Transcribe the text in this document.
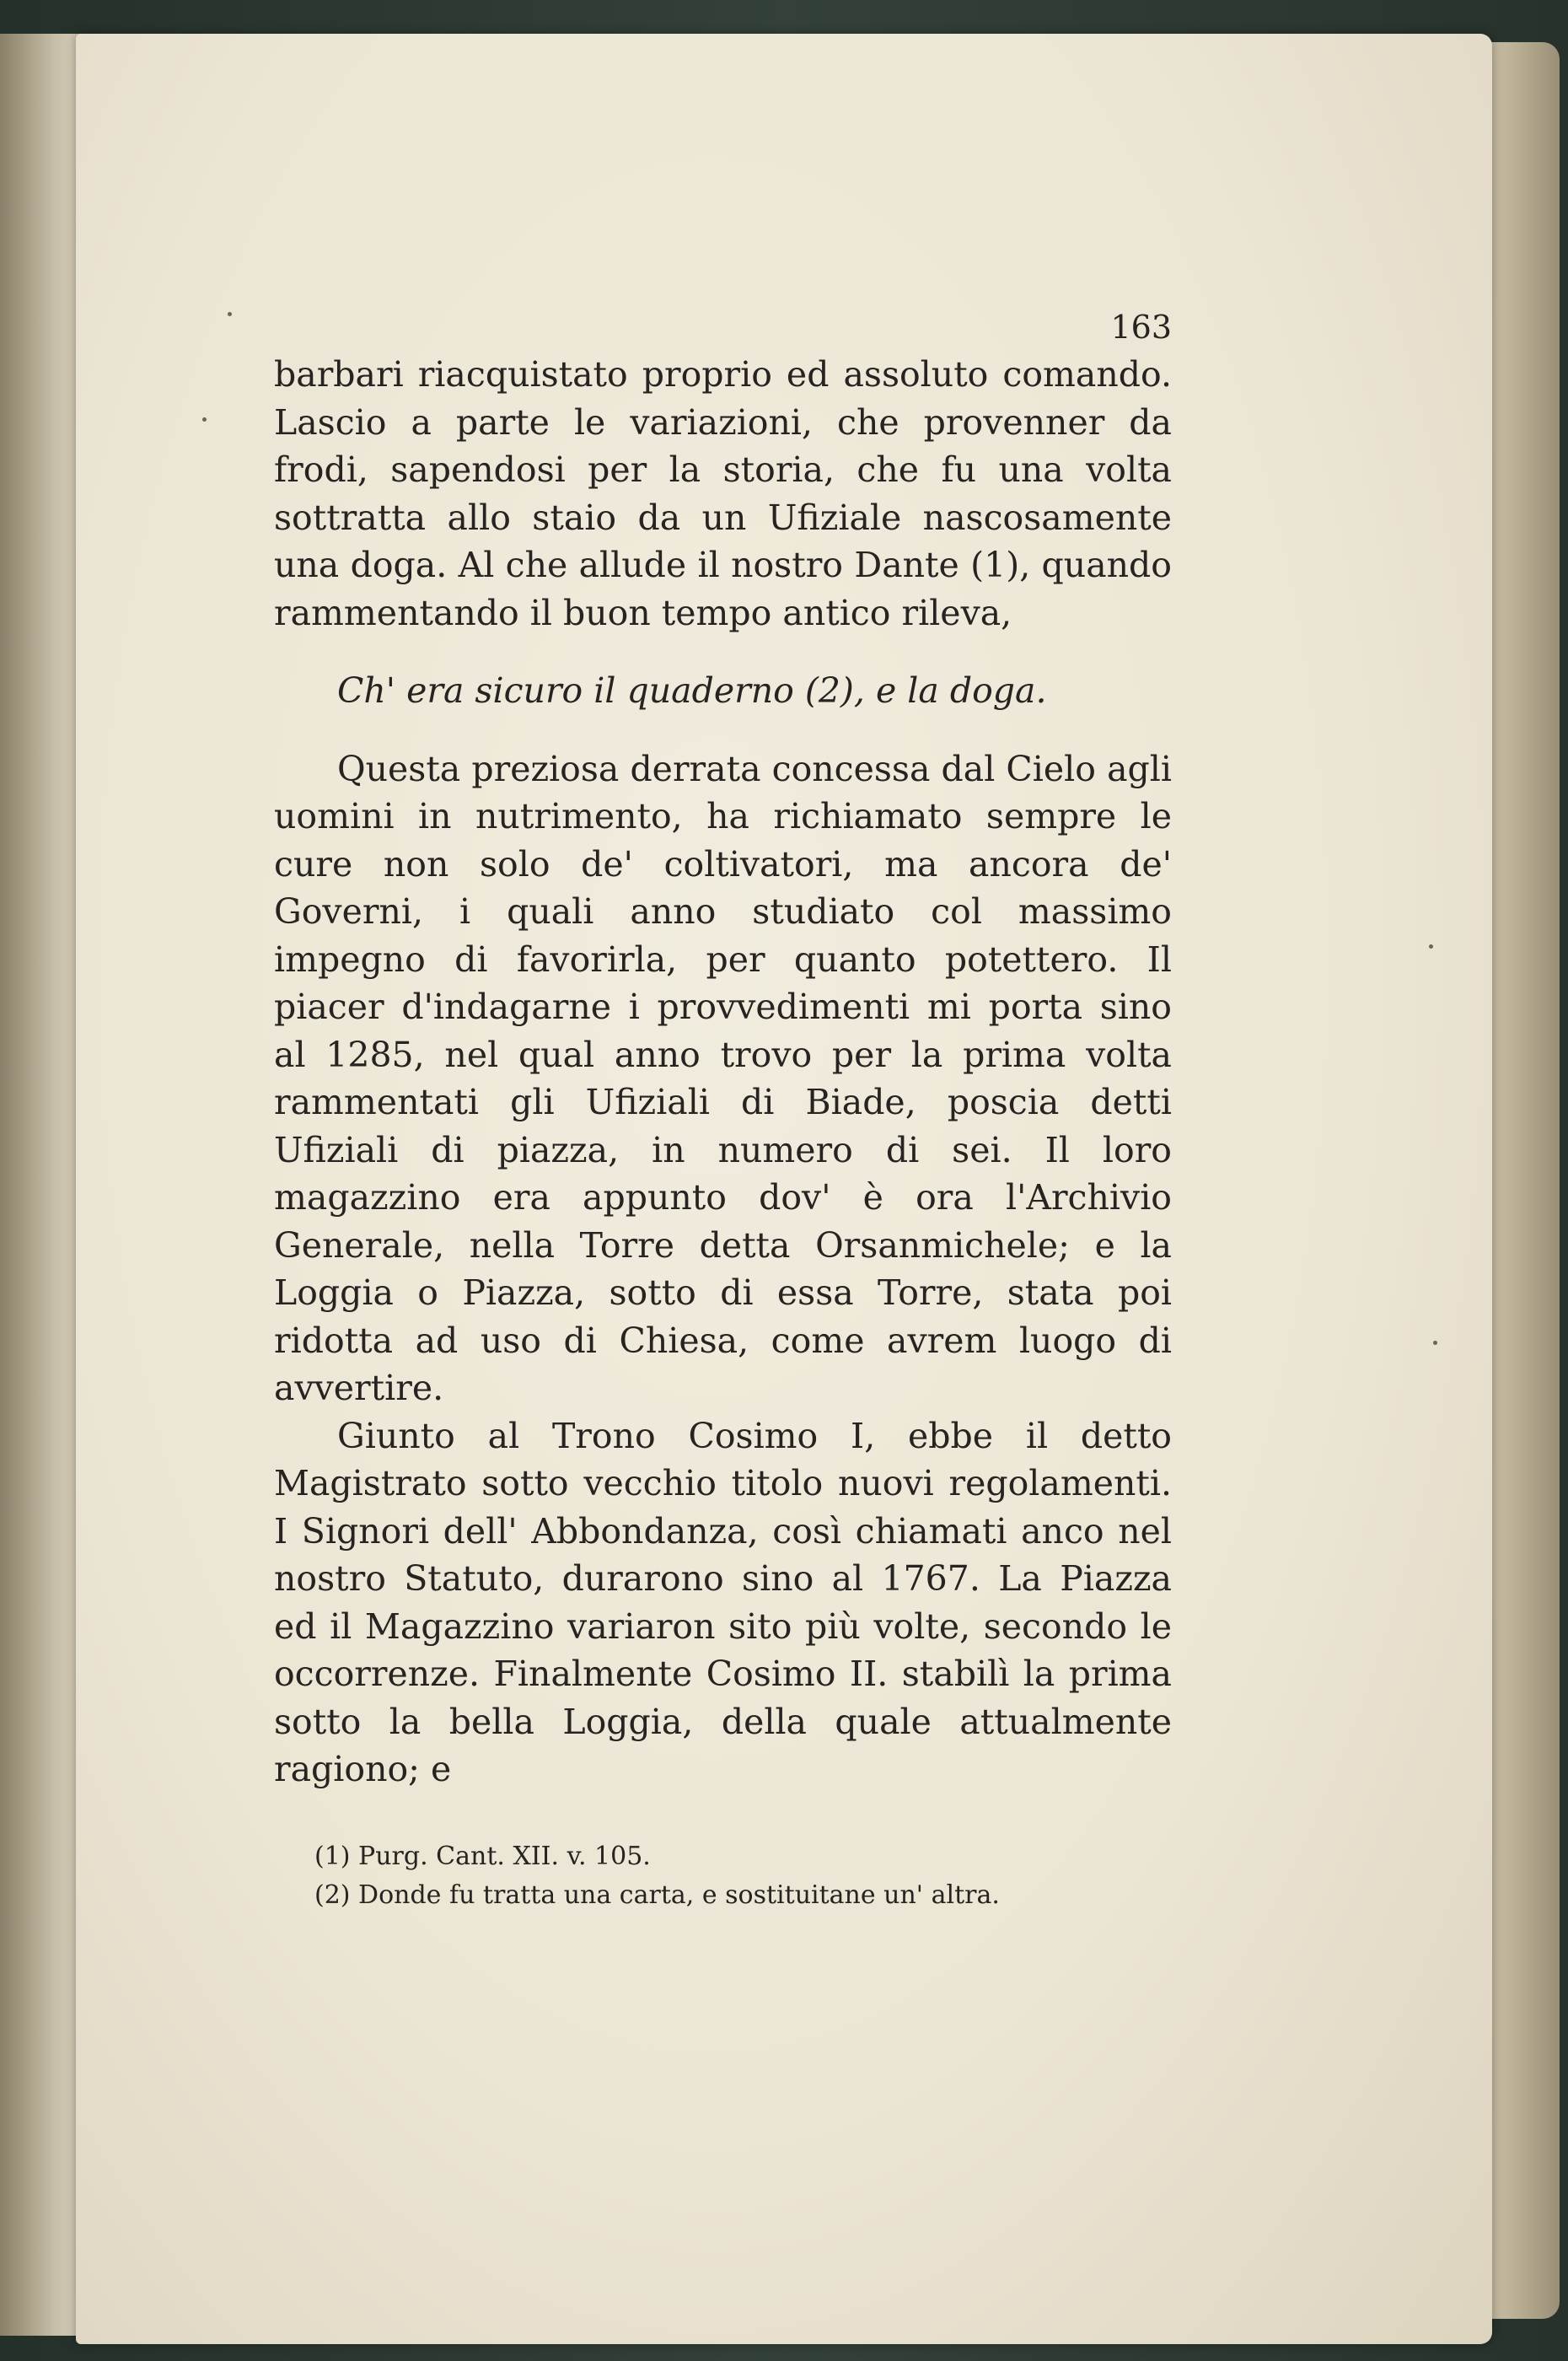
163

barbari riacquistato proprio ed assoluto comando. Lascio a parte le variazioni, che provenner da frodi, sapendosi per la storia, che fu una volta sottratta allo staio da un Ufiziale nascosamente una doga. Al che allude il nostro Dante (1), quando rammentando il buon tempo antico rileva,

Ch' era sicuro il quaderno (2), e la doga.

Questa preziosa derrata concessa dal Cielo agli uomini in nutrimento, ha richiamato sempre le cure non solo de' coltivatori, ma ancora de' Governi, i quali anno studiato col massimo impegno di favorirla, per quanto potettero. Il piacer d'indagarne i provvedimenti mi porta sino al 1285, nel qual anno trovo per la prima volta rammentati gli Ufiziali di Biade, poscia detti Ufiziali di piazza, in numero di sei. Il loro magazzino era appunto dov' è ora l'Archivio Generale, nella Torre detta Orsanmichele; e la Loggia o Piazza, sotto di essa Torre, stata poi ridotta ad uso di Chiesa, come avrem luogo di avvertire.

Giunto al Trono Cosimo I, ebbe il detto Magistrato sotto vecchio titolo nuovi regolamenti. I Signori dell' Abbondanza, così chiamati anco nel nostro Statuto, durarono sino al 1767. La Piazza ed il Magazzino variaron sito più volte, secondo le occorrenze. Finalmente Cosimo II. stabilì la prima sotto la bella Loggia, della quale attualmente ragiono; e

(1) Purg. Cant. XII. v. 105.

(2) Donde fu tratta una carta, e sostituitane un' altra.
